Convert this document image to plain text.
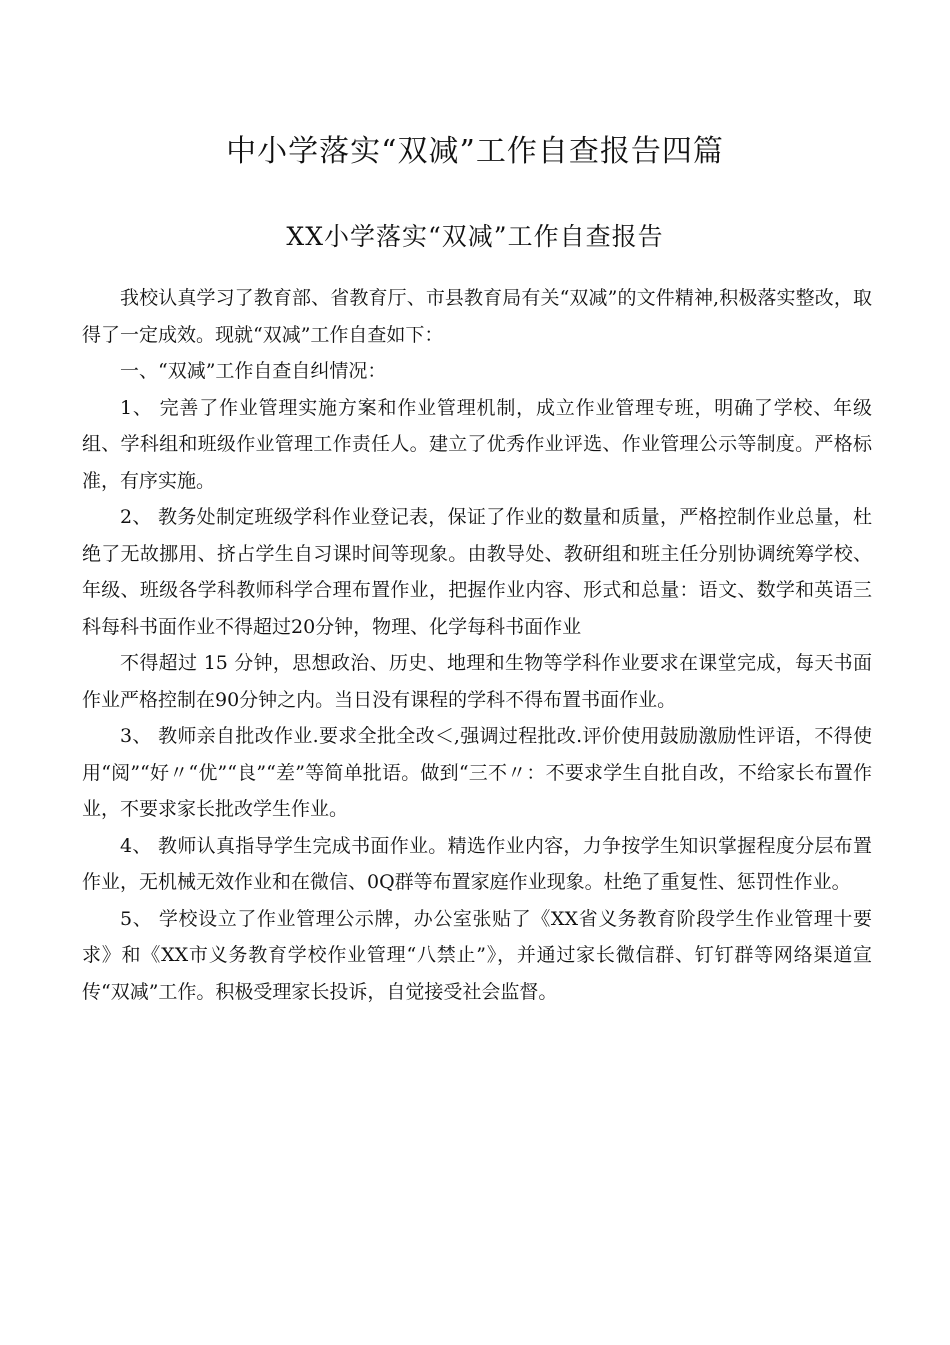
中小学落实“双减”工作自查报告四篇
XX小学落实“双减”工作自查报告

我校认真学习了教育部、省教育厅、市县教育局有关“双减”的文件精神,积极落实整改，取得了一定成效。现就“双减”工作自查如下：

一、“双减”工作自查自纠情况：

1、 完善了作业管理实施方案和作业管理机制，成立作业管理专班，明确了学校、年级组、学科组和班级作业管理工作责任人。建立了优秀作业评选、作业管理公示等制度。严格标准，有序实施。

2、 教务处制定班级学科作业登记表，保证了作业的数量和质量，严格控制作业总量，杜绝了无故挪用、挤占学生自习课时间等现象。由教导处、教研组和班主任分别协调统筹学校、年级、班级各学科教师科学合理布置作业，把握作业内容、形式和总量：语文、数学和英语三科每科书面作业不得超过20分钟，物理、化学每科书面作业

不得超过 15 分钟，思想政治、历史、地理和生物等学科作业要求在课堂完成，每天书面作业严格控制在90分钟之内。当日没有课程的学科不得布置书面作业。

3、 教师亲自批改作业.要求全批全改＜,强调过程批改.评价使用鼓励激励性评语，不得使用“阅”“好〃“优”“良”“差”等简单批语。做到“三不〃：不要求学生自批自改，不给家长布置作业，不要求家长批改学生作业。

4、 教师认真指导学生完成书面作业。精选作业内容，力争按学生知识掌握程度分层布置作业，无机械无效作业和在微信、0Q群等布置家庭作业现象。杜绝了重复性、惩罚性作业。

5、 学校设立了作业管理公示牌，办公室张贴了《XX省义务教育阶段学生作业管理十要求》和《XX市义务教育学校作业管理“八禁止”》，并通过家长微信群、钉钉群等网络渠道宣传“双减”工作。积极受理家长投诉，自觉接受社会监督。
